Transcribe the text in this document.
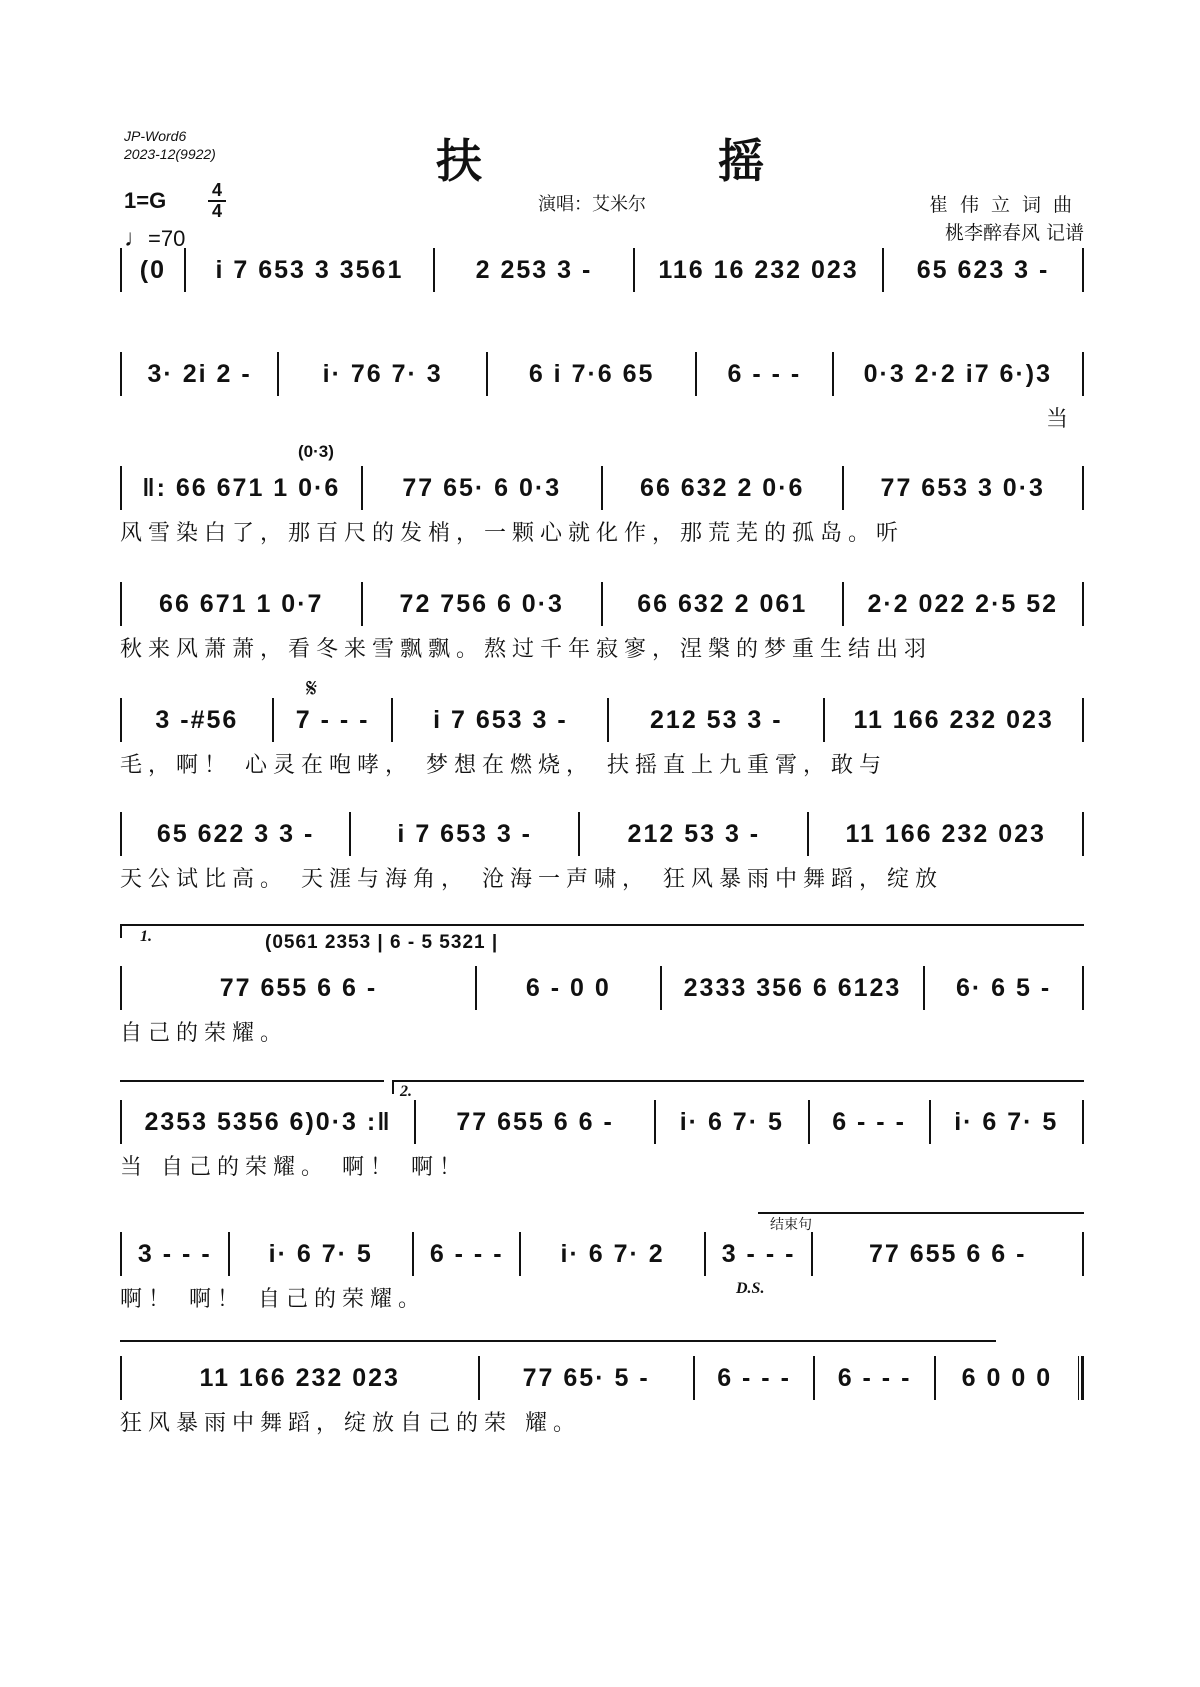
JP-Word6
2023-12(9922)	扶 摇
1=G	4
4
♩=70
演唱：艾米尔	崔伟立词曲
桃李醉春风 记谱
(0	i 7 653 3 3561	2 253 3 -	116 16 232 023	65 623 3 -
3· 2i 2 -	i· 76 7· 3	6 i 7·6 65	6 - - -	0·3 2·2 i7 6·)3
当
(0·3)
‖: 66 671 1 0·6	77 65· 6 0·3	66 632 2 0·6	77 653 3 0·3
风雪染白了，那百尺的发梢，一颗心就化作，那荒芜的孤岛。听
66 671 1 0·7	72 756 6 0·3	66 632 2 061	2·2 022 2·5 52
秋来风萧萧，看冬来雪飘飘。熬过千年寂寥，涅槃的梦重生结出羽
𝄋
3 -#56	7 - - -	i 7 653 3 -	212 53 3 -	11 166 232 023
毛，啊！ 心灵在咆哮， 梦想在燃烧， 扶摇直上九重霄，敢与
65 622 3 3 -	i 7 653 3 -	212 53 3 -	11 166 232 023
天公试比高。 天涯与海角， 沧海一声啸， 狂风暴雨中舞蹈，绽放
1.	(0561 2353 | 6 - 5 5321 |
77 655 6 6 -	6 - 0 0	2333 356 6 6123	6· 6 5 -
自己的荣耀。
2.
2353 5356 6)0·3 :‖	77 655 6 6 -	i· 6 7· 5	6 - - -	i· 6 7· 5
当 自己的荣耀。 啊！ 啊！
结束句
3 - - -	i· 6 7· 5	6 - - -	i· 6 7· 2	3 - - -	77 655 6 6 -
啊！ 啊！ 自己的荣耀。	D.S.
11 166 232 023	77 65· 5 -	6 - - -	6 - - -	6 0 0 0
狂风暴雨中舞蹈，绽放自己的荣 耀。
